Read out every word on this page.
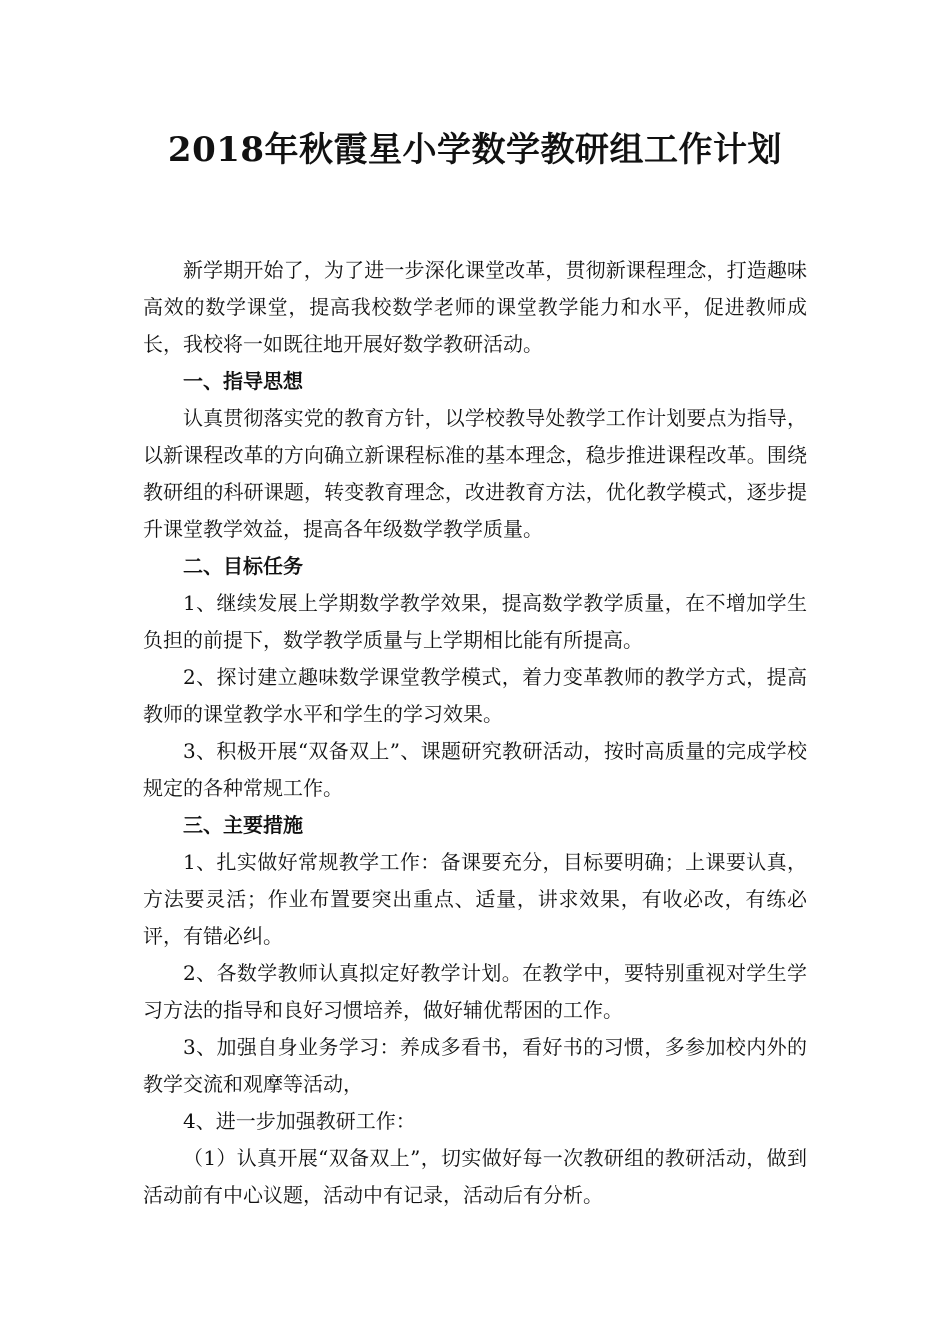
2018年秋霞星小学数学教研组工作计划

新学期开始了，为了进一步深化课堂改革，贯彻新课程理念，打造趣味高效的数学课堂，提高我校数学老师的课堂教学能力和水平，促进教师成长，我校将一如既往地开展好数学教研活动。

一、指导思想

认真贯彻落实党的教育方针，以学校教导处教学工作计划要点为指导，以新课程改革的方向确立新课程标准的基本理念，稳步推进课程改革。围绕教研组的科研课题，转变教育理念，改进教育方法，优化教学模式，逐步提升课堂教学效益，提高各年级数学教学质量。

二、目标任务

1、继续发展上学期数学教学效果，提高数学教学质量，在不增加学生负担的前提下，数学教学质量与上学期相比能有所提高。

2、探讨建立趣味数学课堂教学模式，着力变革教师的教学方式，提高教师的课堂教学水平和学生的学习效果。

3、积极开展“双备双上”、课题研究教研活动，按时高质量的完成学校规定的各种常规工作。

三、主要措施

1、扎实做好常规教学工作：备课要充分，目标要明确；上课要认真，方法要灵活；作业布置要突出重点、适量，讲求效果，有收必改，有练必评，有错必纠。

2、各数学教师认真拟定好教学计划。在教学中，要特别重视对学生学习方法的指导和良好习惯培养，做好辅优帮困的工作。

3、加强自身业务学习：养成多看书，看好书的习惯，多参加校内外的教学交流和观摩等活动，

4、进一步加强教研工作：

（1）认真开展“双备双上”，切实做好每一次教研组的教研活动，做到活动前有中心议题，活动中有记录，活动后有分析。
